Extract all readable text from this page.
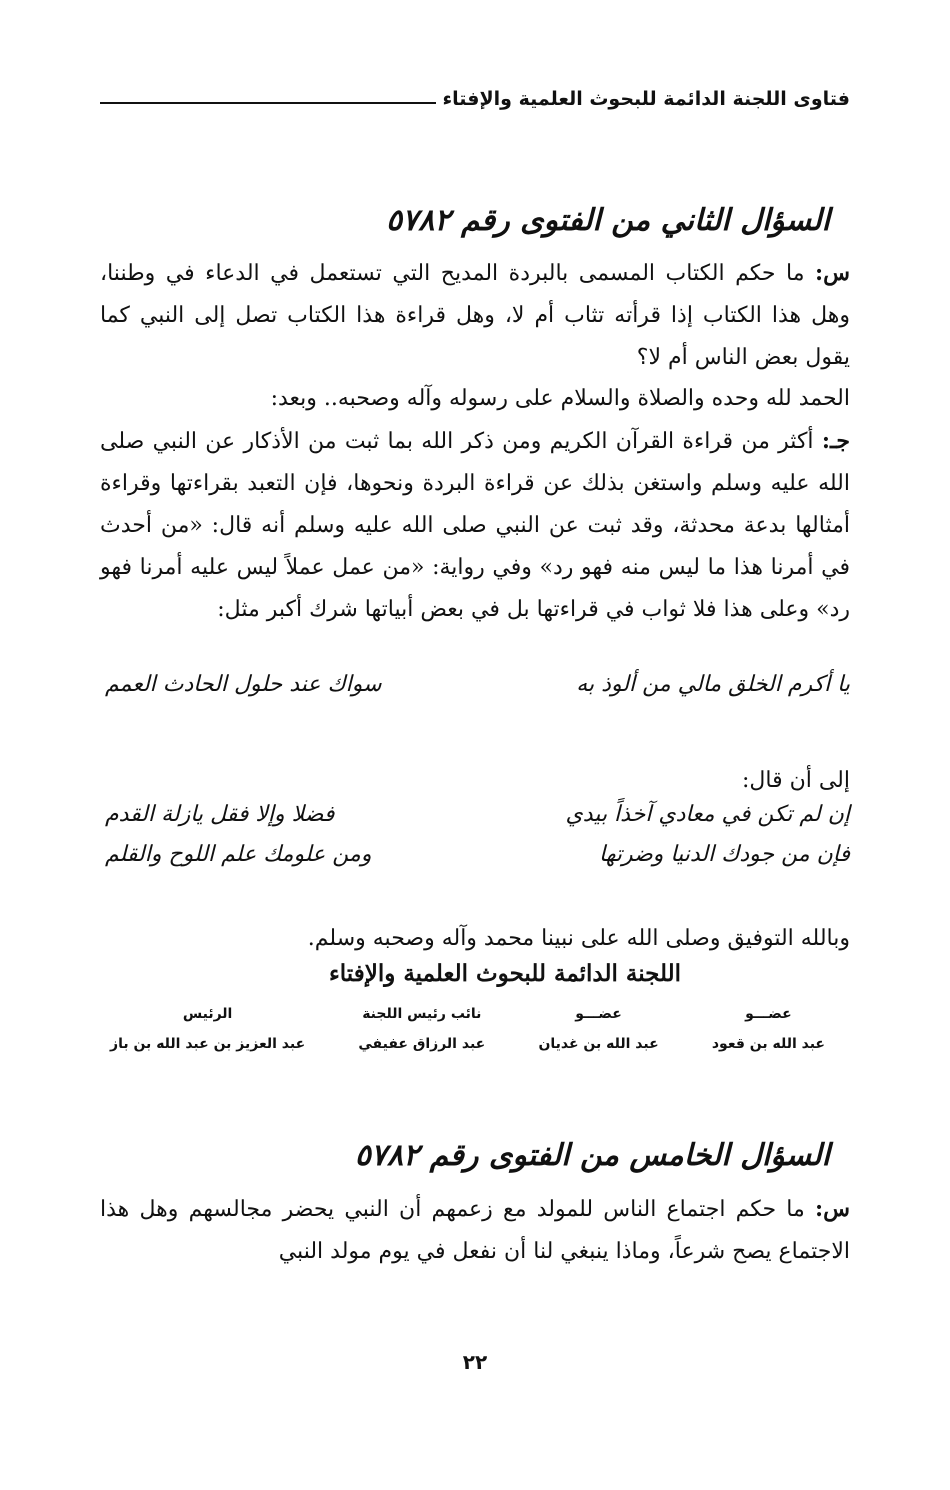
فتاوى اللجنة الدائمة للبحوث العلمية والإفتاء
السؤال الثاني من الفتوى رقم ٥٧٨٢
س: ما حكم الكتاب المسمى بالبردة المديح التي تستعمل في الدعاء في وطننا، وهل هذا الكتاب إذا قرأته تثاب أم لا، وهل قراءة هذا الكتاب تصل إلى النبي كما يقول بعض الناس أم لا؟
الحمد لله وحده والصلاة والسلام على رسوله وآله وصحبه.. وبعد:
جـ: أكثر من قراءة القرآن الكريم ومن ذكر الله بما ثبت من الأذكار عن النبي صلى الله عليه وسلم واستغن بذلك عن قراءة البردة ونحوها، فإن التعبد بقراءتها وقراءة أمثالها بدعة محدثة، وقد ثبت عن النبي صلى الله عليه وسلم أنه قال: «من أحدث في أمرنا هذا ما ليس منه فهو رد» وفي رواية: «من عمل عملاً ليس عليه أمرنا فهو رد» وعلى هذا فلا ثواب في قراءتها بل في بعض أبياتها شرك أكبر مثل:
يا أكرم الخلق مالي من ألوذ به
سواك عند حلول الحادث العمم
إلى أن قال:
إن لم تكن في معادي آخذاً بيدي
فضلا وإلا فقل يازلة القدم
فإن من جودك الدنيا وضرتها
ومن علومك علم اللوح والقلم
وبالله التوفيق وصلى الله على نبينا محمد وآله وصحبه وسلم.
اللجنة الدائمة للبحوث العلمية والإفتاء
عضـــو
عبد الله بن قعود
عضـــو
عبد الله بن غديان
نائب رئيس اللجنة
عبد الرزاق عفيفي
الرئيس
عبد العزيز بن عبد الله بن باز
السؤال الخامس من الفتوى رقم ٥٧٨٢
س: ما حكم اجتماع الناس للمولد مع زعمهم أن النبي يحضر مجالسهم وهل هذا الاجتماع يصح شرعاً، وماذا ينبغي لنا أن نفعل في يوم مولد النبي
٢٢
